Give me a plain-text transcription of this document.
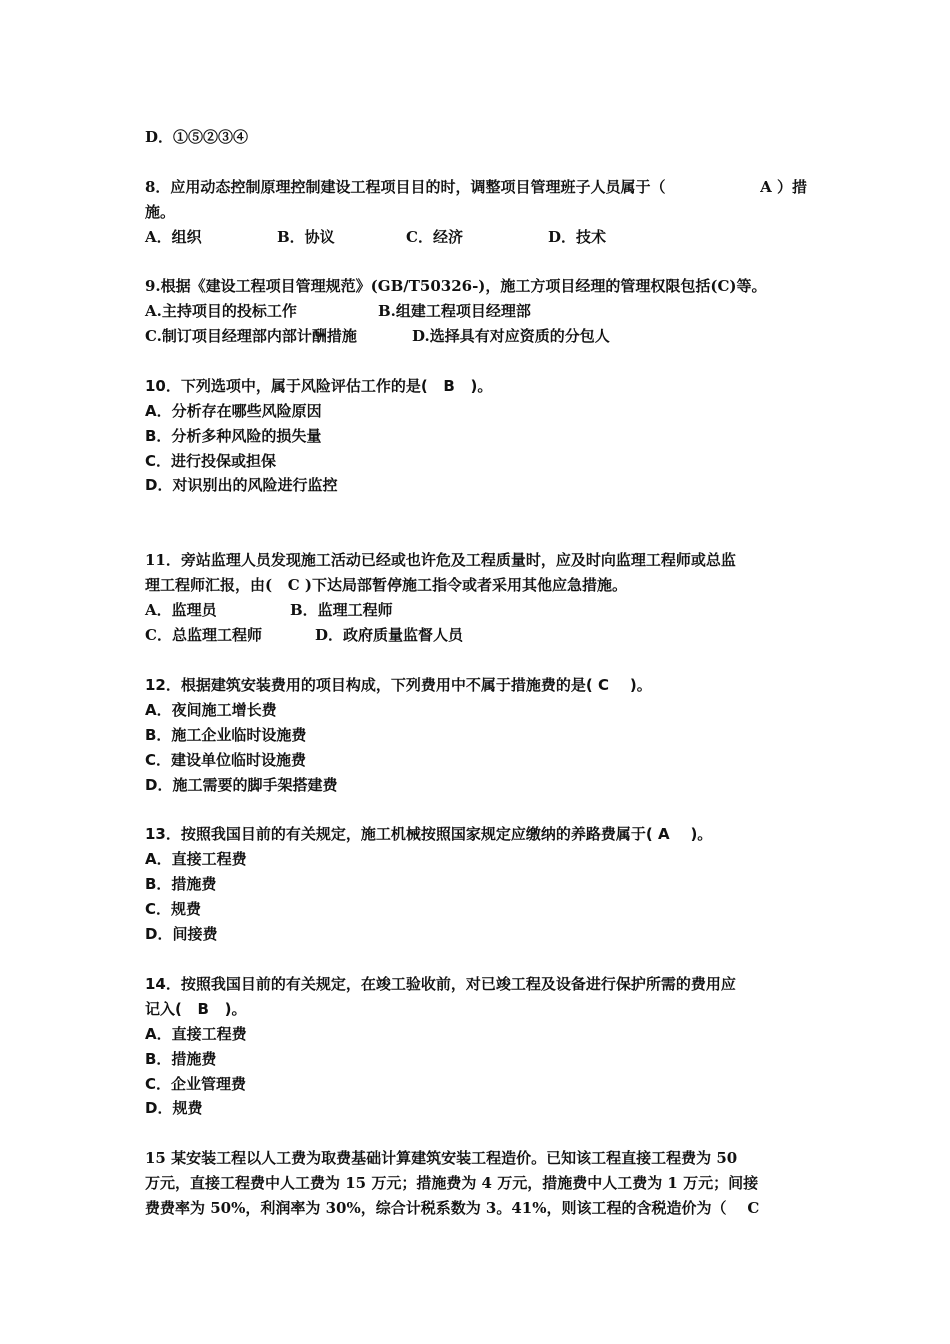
D．①⑤②③④
8．应用动态控制原理控制建设工程项目目的时，调整项目管理班子人员属于（	A ）措
施。
A．组织	B．协议	C．经济	D．技术
9.根据《建设工程项目管理规范》(GB/T50326-)，施工方项目经理的管理权限包括(C)等。
A.主持项目的投标工作	B.组建工程项目经理部
C.制订项目经理部内部计酬措施	D.选择具有对应资质的分包人
10．下列选项中，属于风险评估工作的是(   B   )。
A．分析存在哪些风险原因
B．分析多种风险的损失量
C．进行投保或担保
D．对识别出的风险进行监控
11．旁站监理人员发现施工活动已经或也许危及工程质量时，应及时向监理工程师或总监
理工程师汇报，由(   C )下达局部暂停施工指令或者采用其他应急措施。
A．监理员	B．监理工程师
C．总监理工程师	D．政府质量监督人员
12．根据建筑安装费用的项目构成，下列费用中不属于措施费的是( C    )。
A．夜间施工增长费
B．施工企业临时设施费
C．建设单位临时设施费
D．施工需要的脚手架搭建费
13．按照我国目前的有关规定，施工机械按照国家规定应缴纳的养路费属于( A    )。
A．直接工程费
B．措施费
C．规费
D．间接费
14．按照我国目前的有关规定，在竣工验收前，对已竣工程及设备进行保护所需的费用应
记入(   B   )。
A．直接工程费
B．措施费
C．企业管理费
D．规费
15 某安装工程以人工费为取费基础计算建筑安装工程造价。已知该工程直接工程费为 50
万元，直接工程费中人工费为 15 万元；措施费为 4 万元，措施费中人工费为 1 万元；间接
费费率为 50%，利润率为 30%，综合计税系数为 3。41%，则该工程的含税造价为（    C
